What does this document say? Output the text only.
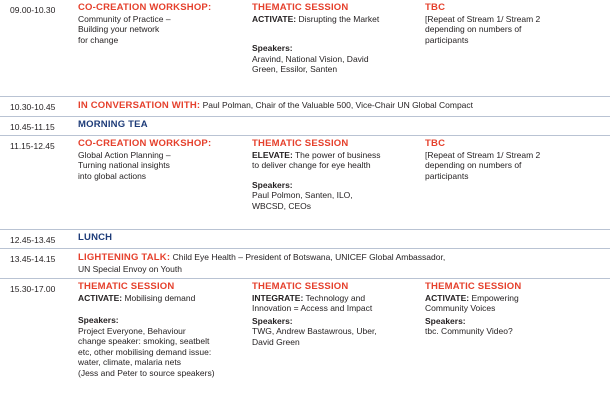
09.00-10.30 CO-CREATION WORKSHOP:
Community of Practice –
Building your network
for change
THEMATIC SESSION
ACTIVATE: Disrupting the Market
Speakers:
Aravind, National Vision, David
Green, Essilor, Santen
TBC
[Repeat of Stream 1/ Stream 2
depending on numbers of
participants
10.30-10.45 IN CONVERSATION WITH: Paul Polman, Chair of the Valuable 500, Vice-Chair UN Global Compact
10.45-11.15 MORNING TEA
11.15-12.45 CO-CREATION WORKSHOP:
Global Action Planning –
Turning national insights
into global actions
THEMATIC SESSION
ELEVATE: The power of business
to deliver change for eye health
Speakers:
Paul Polmon, Santen, ILO,
WBCSD, CEOs
TBC
[Repeat of Stream 1/ Stream 2
depending on numbers of
participants
12.45-13.45 LUNCH
13.45-14.15 LIGHTENING TALK: Child Eye Health – President of Botswana, UNICEF Global Ambassador,
UN Special Envoy on Youth
15.30-17.00 THEMATIC SESSION
ACTIVATE: Mobilising demand
Speakers:
Project Everyone, Behaviour
change speaker: smoking, seatbelt
etc, other mobilising demand issue:
water, climate, malaria nets
(Jess and Peter to source speakers)
THEMATIC SESSION
INTEGRATE: Technology and
Innovation = Access and Impact
Speakers:
TWG, Andrew Bastawrous, Uber,
David Green
THEMATIC SESSION
ACTIVATE: Empowering
Community Voices
Speakers:
tbc. Community Video?
